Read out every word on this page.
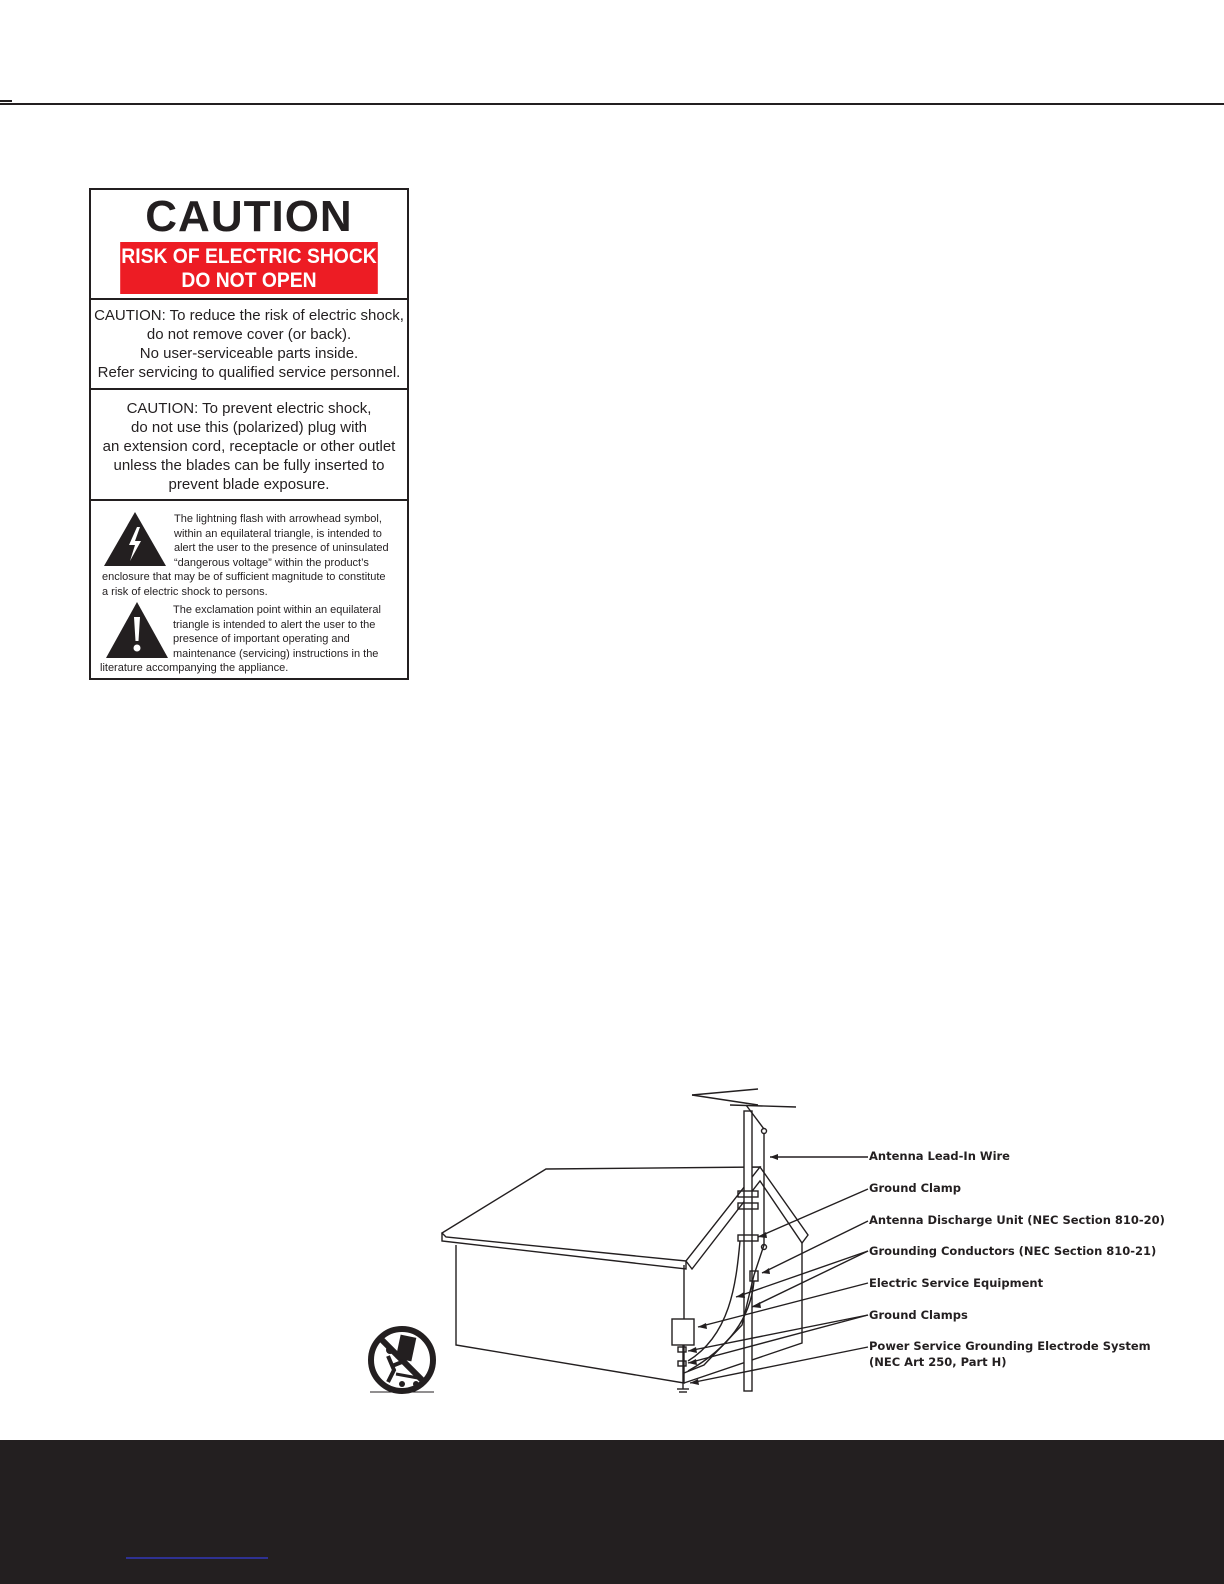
CAUTION
RISK OF ELECTRIC SHOCK
DO NOT OPEN
CAUTION: To reduce the risk of electric shock,
do not remove cover (or back).
No user-serviceable parts inside.
Refer servicing to qualified service personnel.
CAUTION: To prevent electric shock,
do not use this (polarized) plug with
an extension cord, receptacle or other outlet
unless the blades can be fully inserted to
prevent blade exposure.
The lightning flash with arrowhead symbol,
within an equilateral triangle, is intended to
alert the user to the presence of uninsulated
“dangerous voltage” within the product’s
enclosure that may be of sufficient magnitude to constitute
a risk of electric shock to persons.
The exclamation point within an equilateral
triangle is intended to alert the user to the
presence of important operating and
maintenance (servicing) instructions in the
literature accompanying the appliance.
Antenna Lead-In Wire
Ground Clamp
Antenna Discharge Unit (NEC Section 810-20)
Grounding Conductors (NEC Section 810-21)
Electric Service Equipment
Ground Clamps
Power Service Grounding Electrode System
(NEC Art 250, Part H)
